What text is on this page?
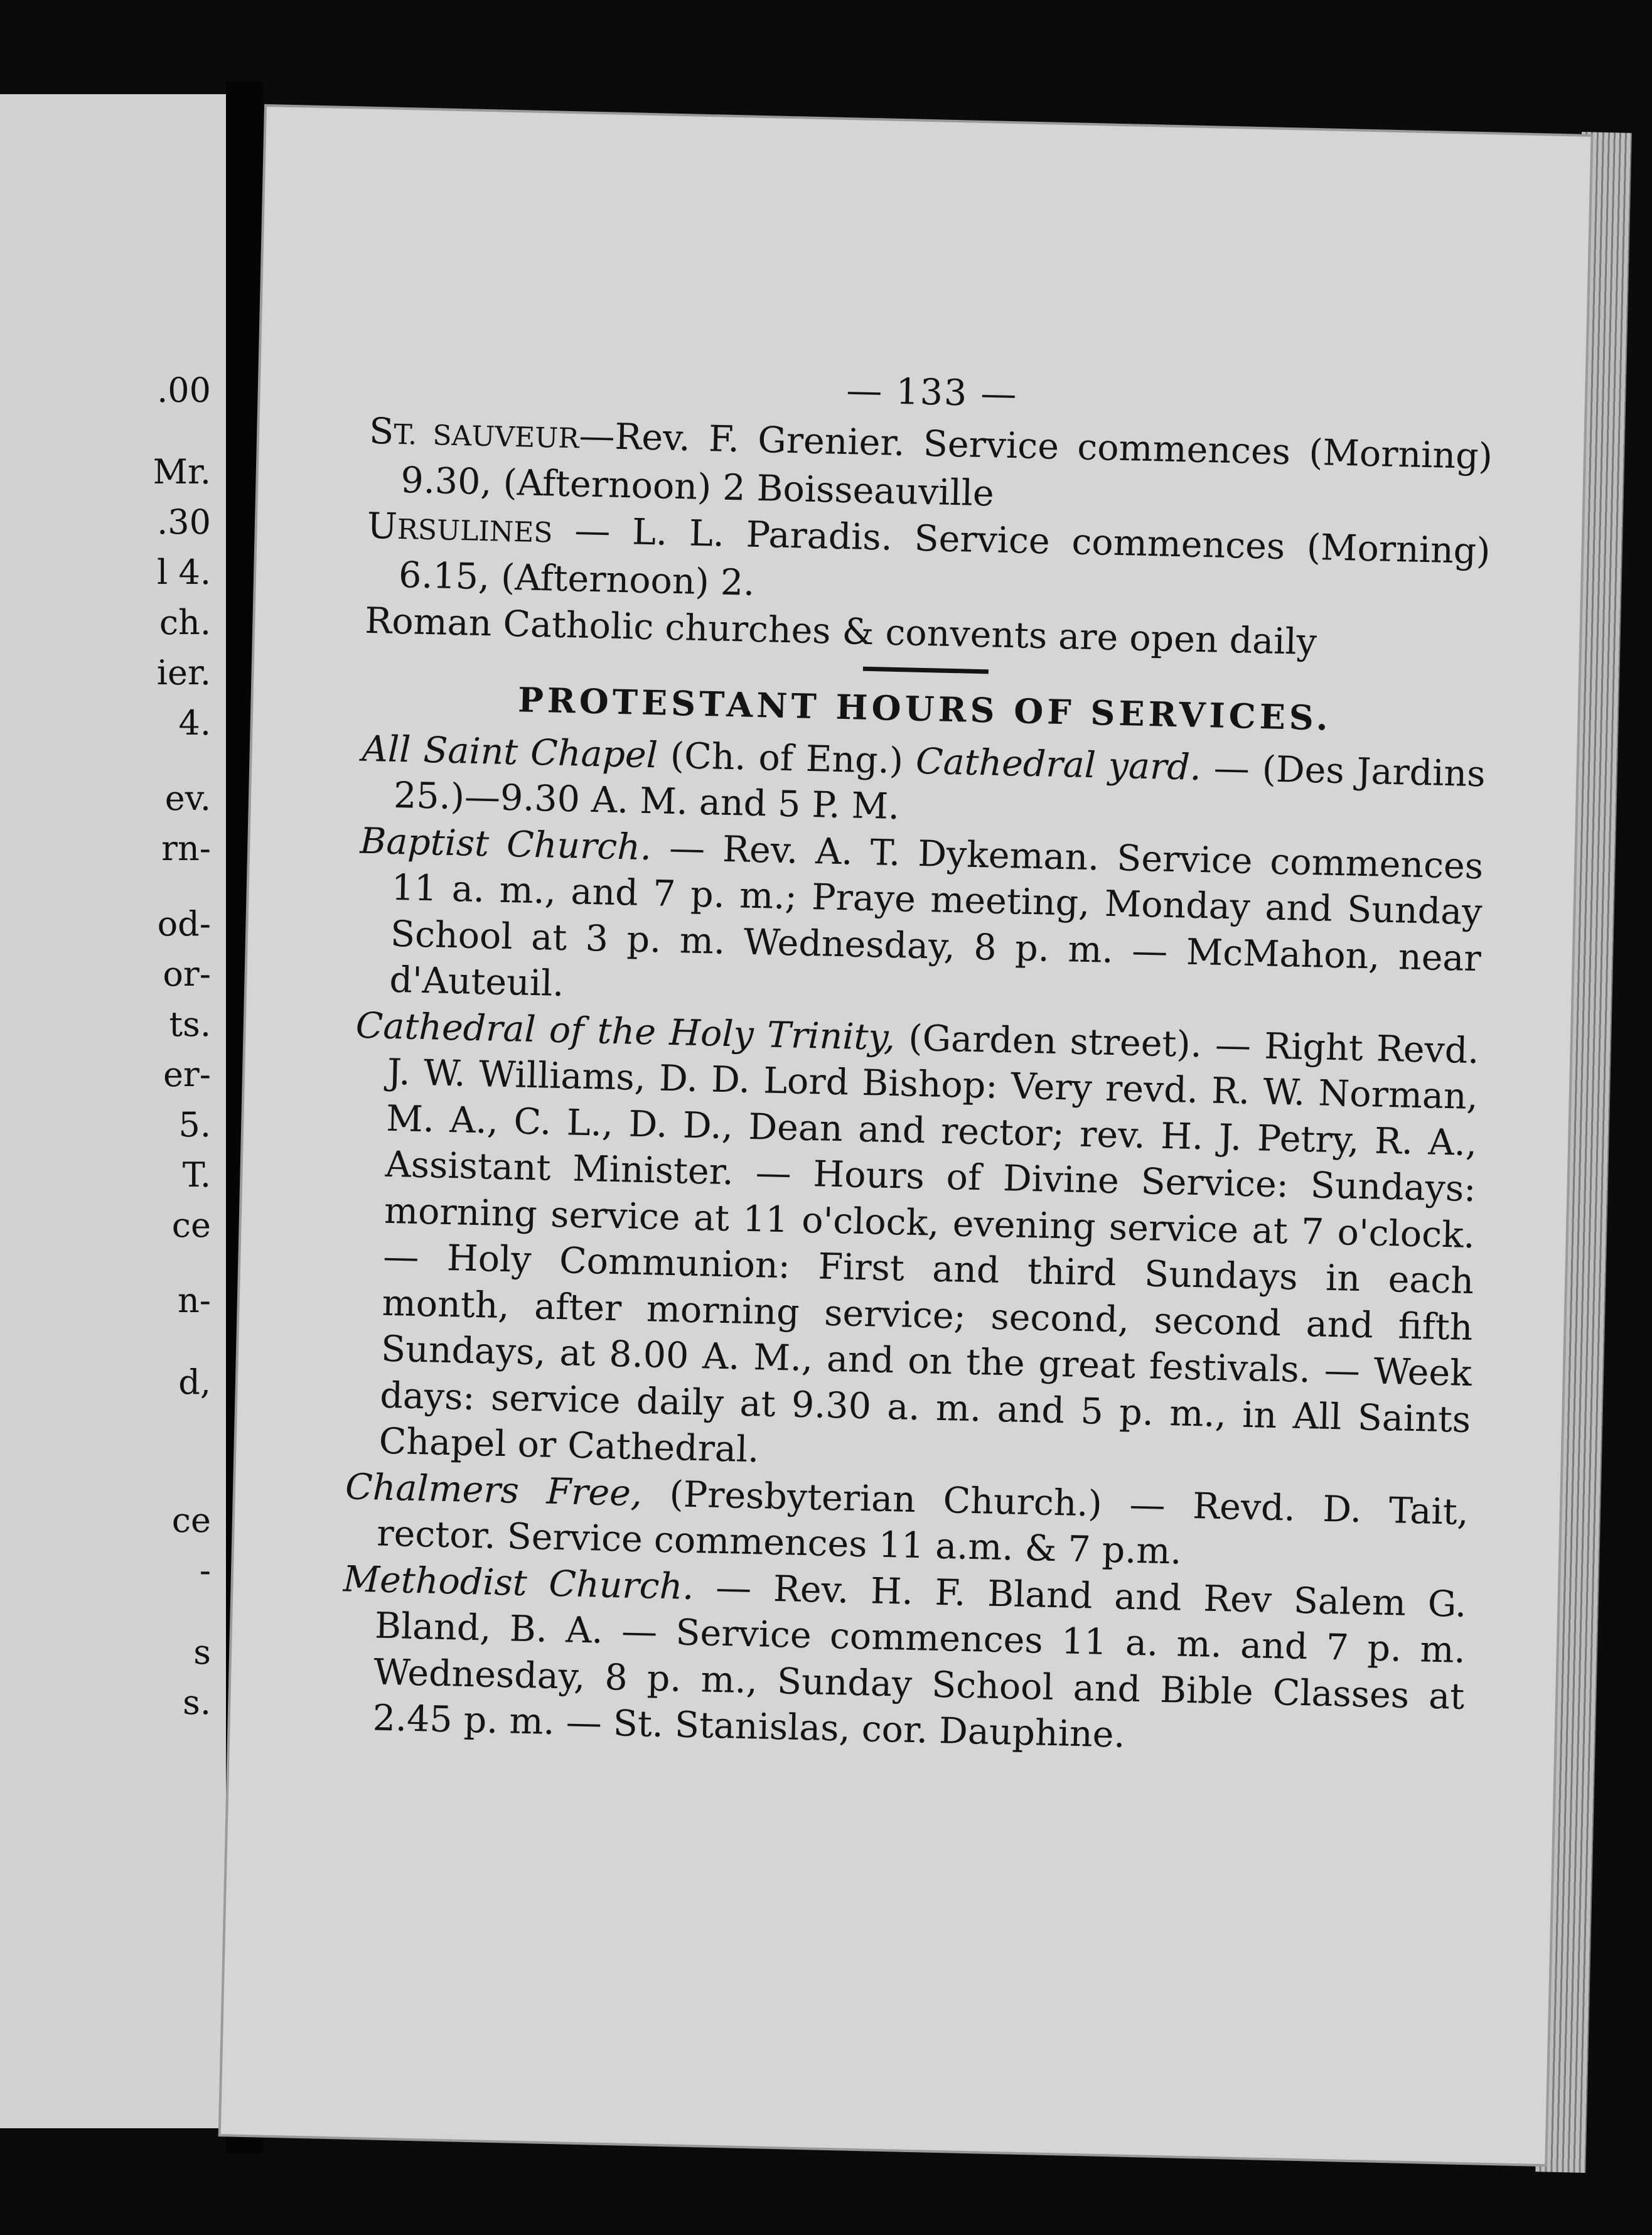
.00
Mr.
.30
l 4.
ch.
ier.
4.
ev.
rn-
od-
or-
ts.
er-
5.
T.
ce
n-
d,
ce
-
s
s.
— 133 —
ST. SAUVEUR—Rev. F. Grenier. Service commences (Morning) 9.30, (Afternoon) 2 Boisseauville
URSULINES — L. L. Paradis. Service commences (Morning) 6.15, (Afternoon) 2.
Roman Catholic churches & convents are open daily
PROTESTANT HOURS OF SERVICES.
All Saint Chapel (Ch. of Eng.) Cathedral yard. — (Des Jardins 25.)—9.30 A. M. and 5 P. M.
Baptist Church. — Rev. A. T. Dykeman. Service commences 11 a. m., and 7 p. m.; Praye meeting, Monday and Sunday School at 3 p. m. Wednesday, 8 p. m. — McMahon, near d'Auteuil.
Cathedral of the Holy Trinity, (Garden street). — Right Revd. J. W. Williams, D. D. Lord Bishop: Very revd. R. W. Norman, M. A., C. L., D. D., Dean and rector; rev. H. J. Petry, R. A., Assistant Minister. — Hours of Divine Service: Sundays: morning service at 11 o'clock, evening service at 7 o'clock. — Holy Communion: First and third Sundays in each month, after morning service; second, second and fifth Sundays, at 8.00 A. M., and on the great festivals. — Week days: service daily at 9.30 a. m. and 5 p. m., in All Saints Chapel or Cathedral.
Chalmers Free, (Presbyterian Church.) — Revd. D. Tait, rector. Service commences 11 a.m. & 7 p.m.
Methodist Church. — Rev. H. F. Bland and Rev Salem G. Bland, B. A. — Service commences 11 a. m. and 7 p. m. Wednesday, 8 p. m., Sunday School and Bible Classes at 2.45 p. m. — St. Stanislas, cor. Dauphine.
